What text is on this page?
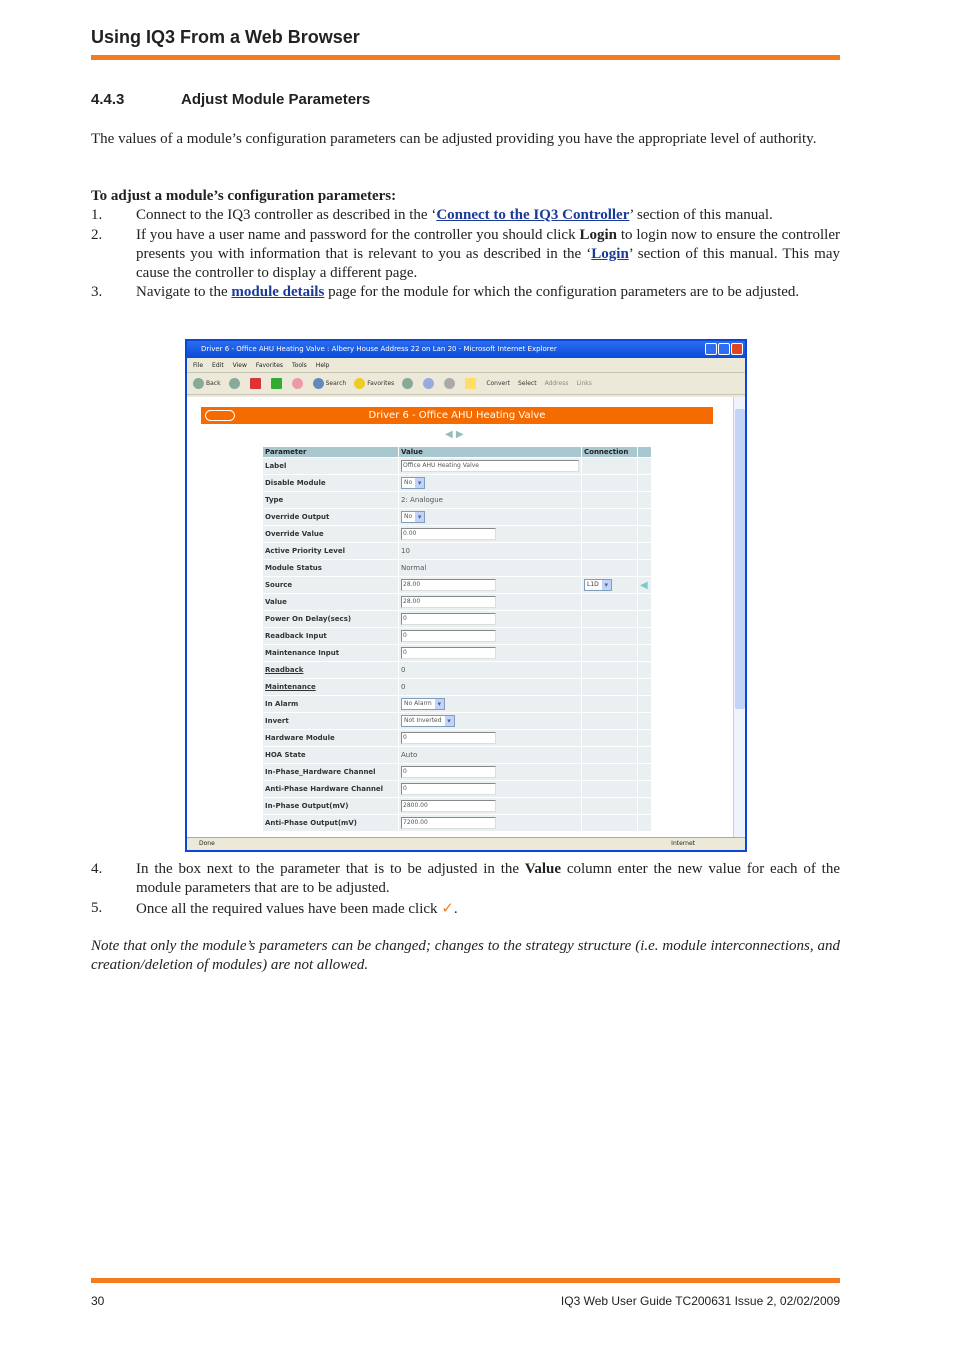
Using IQ3 From a Web Browser
4.4.3	Adjust Module Parameters
The values of a module’s configuration parameters can be adjusted providing you have the appropriate level of authority.
To adjust a module’s configuration parameters:
1. Connect to the IQ3 controller as described in the ‘Connect to the IQ3 Controller’ section of this manual.
2. If you have a user name and password for the controller you should click Login to login now to ensure the controller presents you with information that is relevant to you as described in the ‘Login’ section of this manual. This may cause the controller to display a different page.
3. Navigate to the module details page for the module for which the configuration parameters are to be adjusted.
Driver 6 - Office AHU Heating Valve : Albery House Address 22 on Lan 20 - Microsoft Internet Explorer
File Edit View Favorites Tools Help
Back	Search	Favorites	Convert Select Address Links
Driver 6 - Office AHU Heating Valve
◀ ▶
Parameter	Value	Connection	
Label	Office AHU Heating Valve		
Disable Module	No ▾		
Type	2: Analogue		
Override Output	No ▾		
Override Value	0.00		
Active Priority Level	10		
Module Status	Normal		
Source	28.00	L1D ▾	◀
Value	28.00		
Power On Delay(secs)	0		
Readback Input	0		
Maintenance Input	0		
Readback	0		
Maintenance	0		
In Alarm	No Alarm ▾		
Invert	Not Inverted ▾		
Hardware Module	0		
HOA State	Auto		
In-Phase_Hardware Channel	0		
Anti-Phase Hardware Channel	0		
In-Phase Output(mV)	2800.00		
Anti-Phase Output(mV)	7200.00		
Done	Internet
4. In the box next to the parameter that is to be adjusted in the Value column enter the new value for each of the module parameters that are to be adjusted.
5. Once all the required values have been made click ✓.
Note that only the module’s parameters can be changed; changes to the strategy structure (i.e. module interconnections, and creation/deletion of modules) are not allowed.
30	IQ3 Web User Guide TC200631 Issue 2, 02/02/2009
